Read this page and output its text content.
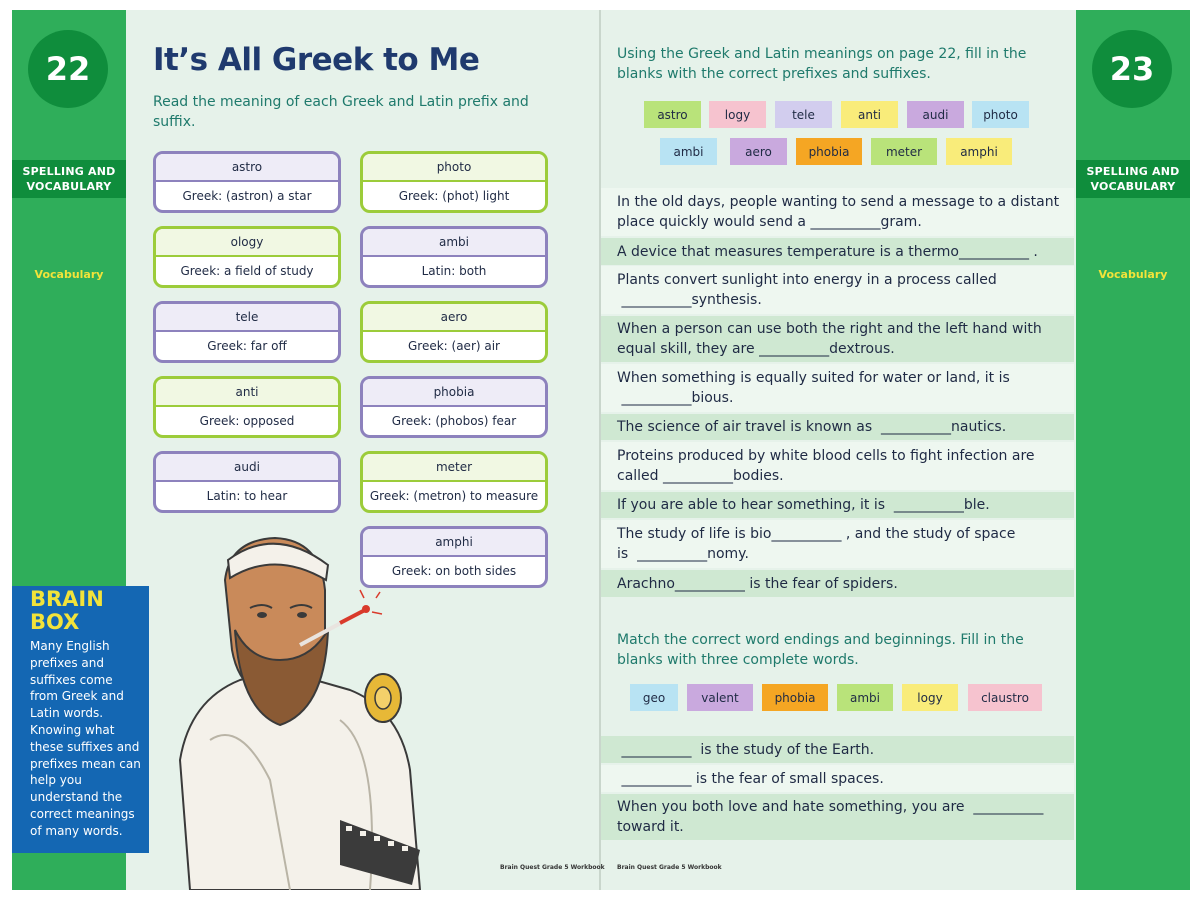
22
SPELLING AND
VOCABULARY
Vocabulary
23
SPELLING AND
VOCABULARY
Vocabulary
It’s All Greek to Me
Read the meaning of each Greek and Latin prefix and suffix.
astro
Greek: (astron) a star
ology
Greek: a field of study
tele
Greek: far off
anti
Greek: opposed
audi
Latin: to hear
photo
Greek: (phot) light
ambi
Latin: both
aero
Greek: (aer) air
phobia
Greek: (phobos) fear
meter
Greek: (metron) to measure
amphi
Greek: on both sides
BRAIN
BOX
Many English prefixes and suffixes come from Greek and Latin words. Knowing what these suffixes and prefixes mean can help you understand the correct meanings of many words.
Brain Quest Grade 5 Workbook
Using the Greek and Latin meanings on page 22, fill in the blanks with the correct prefixes and suffixes.
astro	logy	tele	anti	audi	photo
ambi	aero	phobia	meter	amphi
In the old days, people wanting to send a message to a distant
place quickly would send a __________gram.
A device that measures temperature is a thermo__________ .
Plants convert sunlight into energy in a process called
__________synthesis.
When a person can use both the right and the left hand with
equal skill, they are __________dextrous.
When something is equally suited for water or land, it is
__________bious.
The science of air travel is known as  __________nautics.
Proteins produced by white blood cells to fight infection are
called __________bodies.
If you are able to hear something, it is  __________ble.
The study of life is bio__________ , and the study of space
is  __________nomy.
Arachno__________ is the fear of spiders.
Match the correct word endings and beginnings. Fill in the blanks with three complete words.
geo	valent	phobia	ambi	logy	claustro
__________  is the study of the Earth.
__________ is the fear of small spaces.
When you both love and hate something, you are  __________
toward it.
Brain Quest Grade 5 Workbook
